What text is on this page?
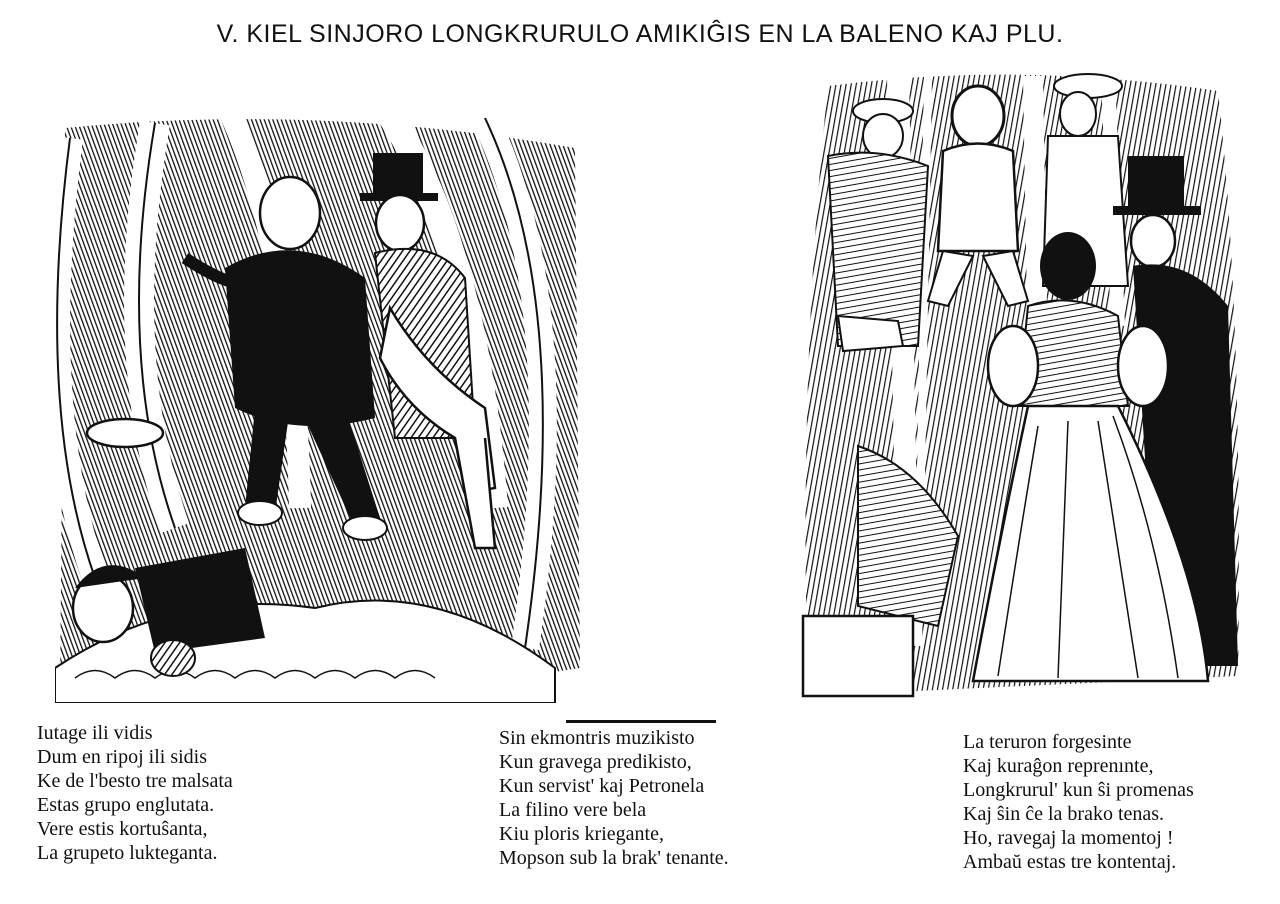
V. KIEL SINJORO LONGKRURULO AMIKIĜIS EN LA BALENO KAJ PLU.
Iutage ili vidis
Dum en ripoj ili sidis
Ke de l'besto tre malsata
Estas grupo englutata.
Vere estis kortuŝanta,
La grupeto lukteganta.
Sin ekmontris muzikisto
Kun gravega predikisto,
Kun servist' kaj Petronela
La filino vere bela
Kiu ploris kriegante,
Mopson sub la brak' tenante.
La teruron forgesinte
Kaj kuraĝon reprenınte,
Longkrurul' kun ŝi promenas
Kaj ŝin ĉe la brako tenas.
Ho, ravegaj la momentoj !
Ambaŭ estas tre kontentaj.
